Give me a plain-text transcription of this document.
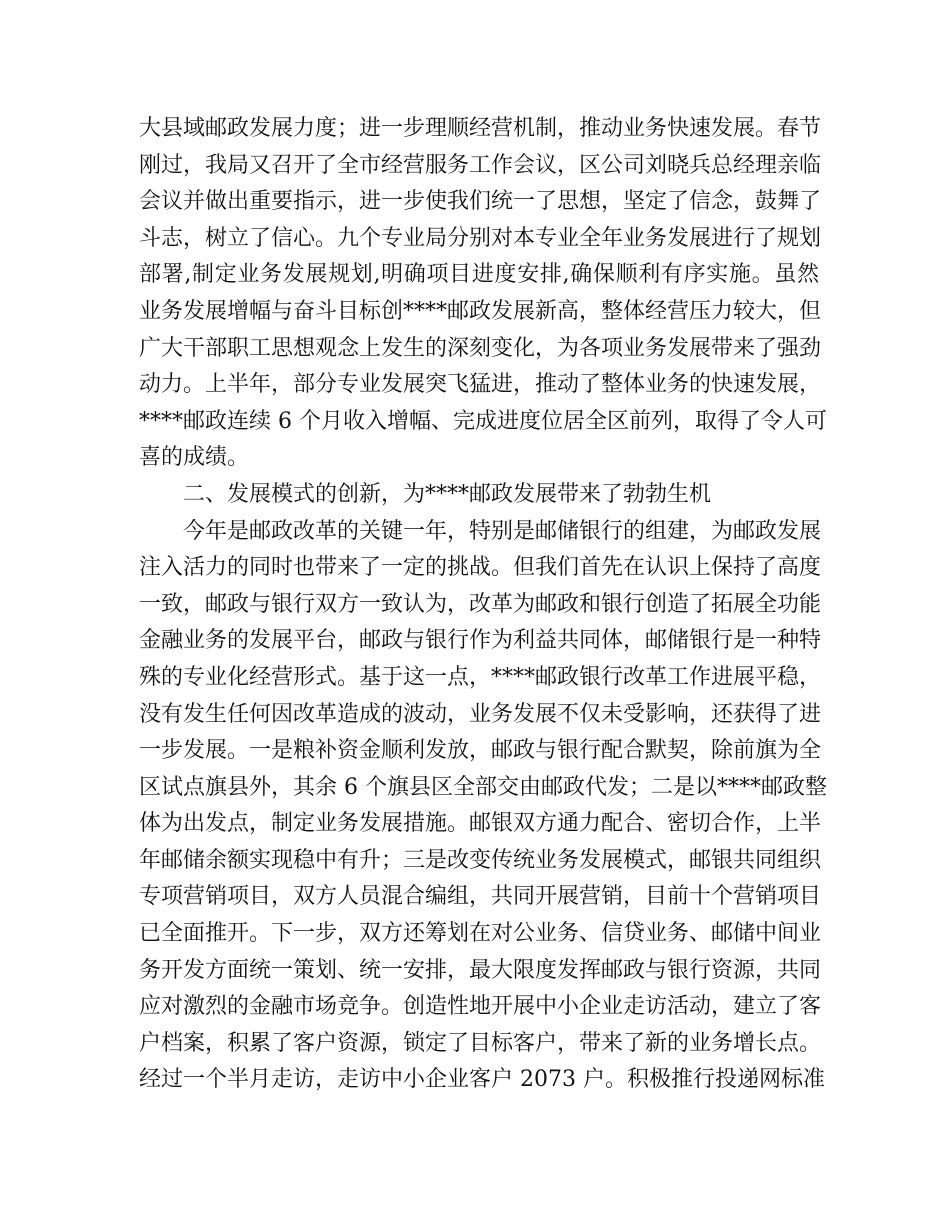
大县域邮政发展力度；进一步理顺经营机制，推动业务快速发展。春节
刚过，我局又召开了全市经营服务工作会议，区公司刘晓兵总经理亲临
会议并做出重要指示，进一步使我们统一了思想，坚定了信念，鼓舞了
斗志，树立了信心。九个专业局分别对本专业全年业务发展进行了规划
部署,制定业务发展规划,明确项目进度安排,确保顺利有序实施。虽然
业务发展增幅与奋斗目标创****邮政发展新高，整体经营压力较大，但
广大干部职工思想观念上发生的深刻变化，为各项业务发展带来了强劲
动力。上半年，部分专业发展突飞猛进，推动了整体业务的快速发展，
****邮政连续 6 个月收入增幅、完成进度位居全区前列，取得了令人可
喜的成绩。
二、发展模式的创新，为****邮政发展带来了勃勃生机
今年是邮政改革的关键一年，特别是邮储银行的组建，为邮政发展
注入活力的同时也带来了一定的挑战。但我们首先在认识上保持了高度
一致，邮政与银行双方一致认为，改革为邮政和银行创造了拓展全功能
金融业务的发展平台，邮政与银行作为利益共同体，邮储银行是一种特
殊的专业化经营形式。基于这一点，****邮政银行改革工作进展平稳，
没有发生任何因改革造成的波动，业务发展不仅未受影响，还获得了进
一步发展。一是粮补资金顺利发放，邮政与银行配合默契，除前旗为全
区试点旗县外，其余 6 个旗县区全部交由邮政代发；二是以****邮政整
体为出发点，制定业务发展措施。邮银双方通力配合、密切合作，上半
年邮储余额实现稳中有升；三是改变传统业务发展模式，邮银共同组织
专项营销项目，双方人员混合编组，共同开展营销，目前十个营销项目
已全面推开。下一步，双方还筹划在对公业务、信贷业务、邮储中间业
务开发方面统一策划、统一安排，最大限度发挥邮政与银行资源，共同
应对激烈的金融市场竞争。创造性地开展中小企业走访活动，建立了客
户档案，积累了客户资源，锁定了目标客户，带来了新的业务增长点。
经过一个半月走访，走访中小企业客户 2073 户。积极推行投递网标准
